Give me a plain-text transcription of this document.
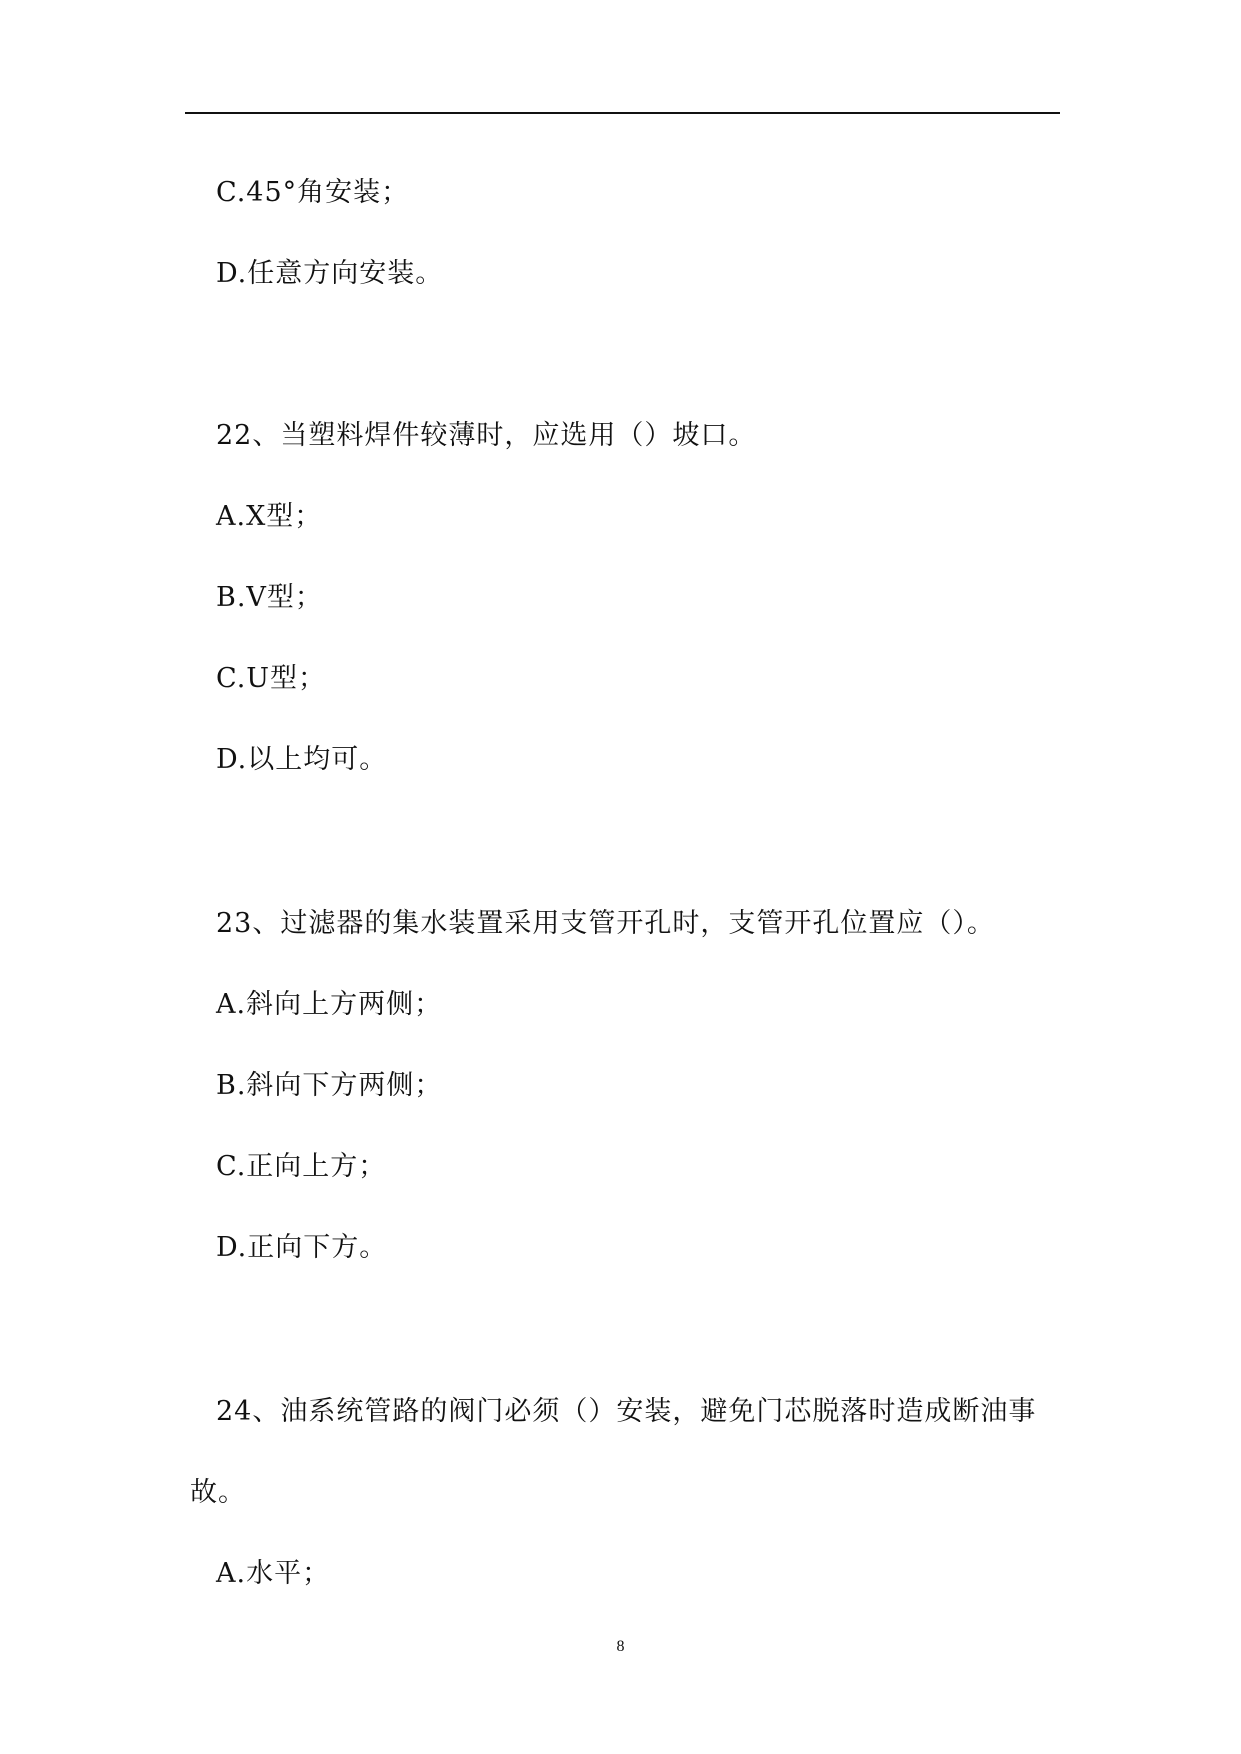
C.45°角安装；
D.任意方向安装。
22、当塑料焊件较薄时，应选用（）坡口。
A.X型；
B.V型；
C.U型；
D.以上均可。
23、过滤器的集水装置采用支管开孔时，支管开孔位置应（）。
A.斜向上方两侧；
B.斜向下方两侧；
C.正向上方；
D.正向下方。
24、油系统管路的阀门必须（）安装，避免门芯脱落时造成断油事
故。
A.水平；
8
